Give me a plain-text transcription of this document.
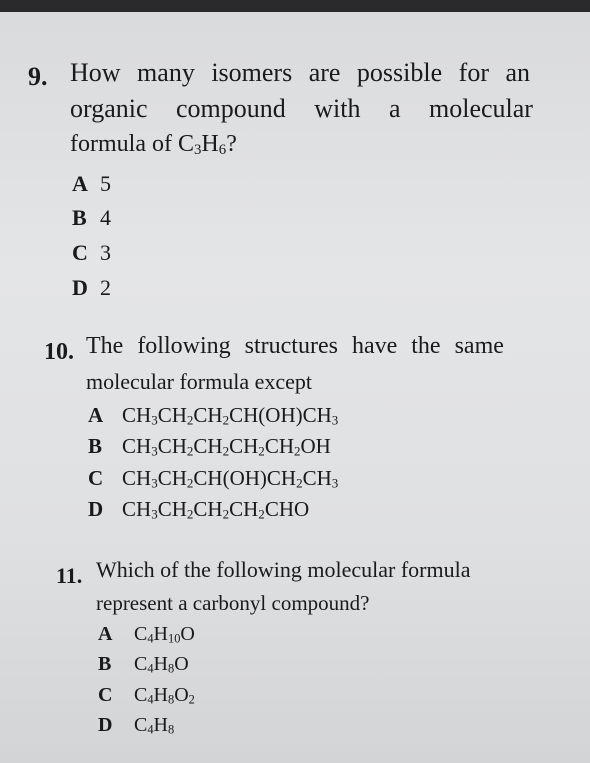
9. How many isomers are possible for an
organic compound with a molecular
formula of $C_3H_6$?
A 5
B 4
C 3
D 2
10. The following structures have the same
molecular formula except
A $CH_3CH_2CH_2CH(OH)CH_3$
B $CH_3CH_2CH_2CH_2CH_2OH$
C $CH_3CH_2CH(OH)CH_2CH_3$
D $CH_3CH_2CH_2CH_2CHO$
11. Which of the following molecular formula
represent a carbonyl compound?
A $C_4H_{10}O$
B $C_4H_8O$
C $C_4H_8O_2$
D $C_4H_8$
